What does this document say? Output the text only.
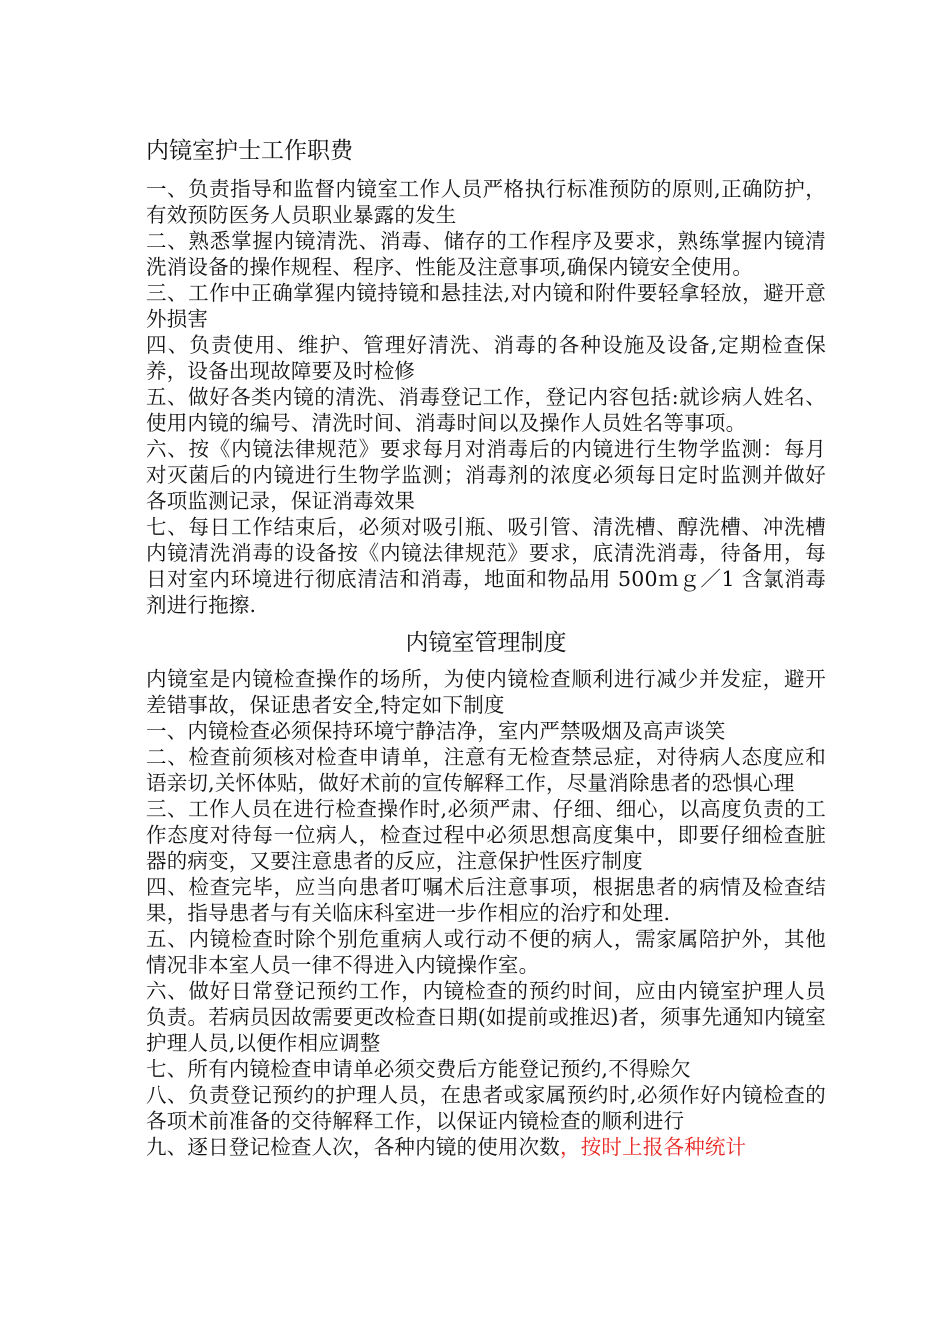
内镜室护士工作职费

一、负责指导和监督内镜室工作人员严格执行标准预防的原则,正确防护，有效预防医务人员职业暴露的发生

二、熟悉掌握内镜清洗、消毒、储存的工作程序及要求，熟练掌握内镜清洗消设备的操作规程、程序、性能及注意事项,确保内镜安全使用。

三、工作中正确掌猩内镜持镜和悬挂法,对内镜和附件要轻拿轻放，避开意外损害

四、负责使用、维护、管理好清洗、消毒的各种设施及设备,定期检查保养，设备出现故障要及时检修

五、做好各类内镜的清洗、消毒登记工作，登记内容包括:就诊病人姓名、使用内镜的编号、清洗时间、消毒时间以及操作人员姓名等事项。

六、按《内镜法律规范》要求每月对消毒后的内镜进行生物学监测：每月对灭菌后的内镜进行生物学监测；消毒剂的浓度必须每日定时监测并做好各项监测记录，保证消毒效果

七、每日工作结束后，必须对吸引瓶、吸引管、清洗槽、醇洗槽、冲洗槽内镜清洗消毒的设备按《内镜法律规范》要求，底清洗消毒，待备用，每日对室内环境进行彻底清洁和消毒，地面和物品用 500ｍｇ／1 含氯消毒剂进行拖擦.

内镜室管理制度

内镜室是内镜检查操作的场所，为使内镜检查顺利进行减少并发症，避开差错事故，保证患者安全,特定如下制度

一、内镜检查必须保持环境宁静洁净，室内严禁吸烟及高声谈笑

二、检查前须核对检查申请单，注意有无检查禁忌症，对待病人态度应和语亲切,关怀体贴，做好术前的宣传解释工作，尽量消除患者的恐惧心理

三、工作人员在进行检查操作时,必须严肃、仔细、细心，以高度负责的工作态度对待每一位病人，检查过程中必须思想高度集中，即要仔细检查脏器的病变，又要注意患者的反应，注意保护性医疗制度

四、检查完毕，应当向患者叮嘱术后注意事项，根据患者的病情及检查结果，指导患者与有关临床科室进一步作相应的治疗和处理.

五、内镜检查时除个别危重病人或行动不便的病人，需家属陪护外，其他情况非本室人员一律不得进入内镜操作室。

六、做好日常登记预约工作，内镜检查的预约时间，应由内镜室护理人员负责。若病员因故需要更改检查日期(如提前或推迟)者，须事先通知内镜室护理人员,以便作相应调整

七、所有内镜检查申请单必须交费后方能登记预约,不得赊欠

八、负责登记预约的护理人员，在患者或家属预约时,必须作好内镜检查的各项术前准备的交待解释工作，以保证内镜检查的顺利进行

九、逐日登记检查人次，各种内镜的使用次数，按时上报各种统计
